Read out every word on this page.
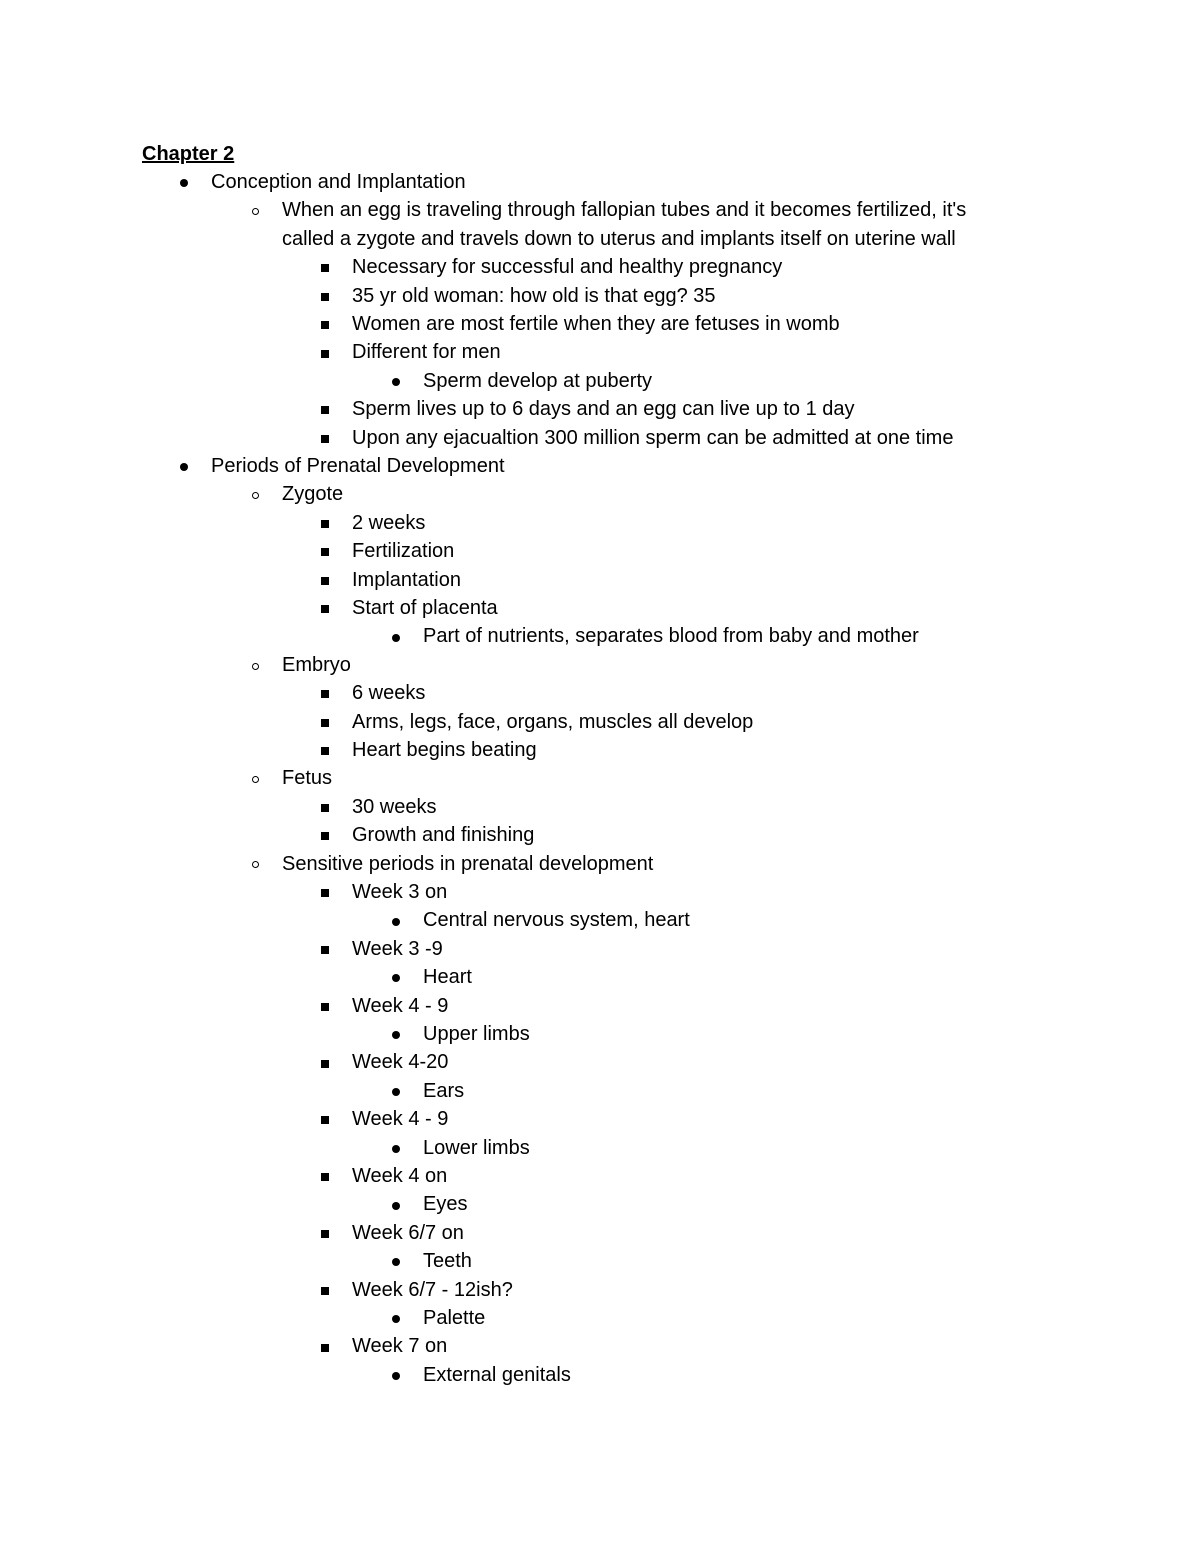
Chapter 2
Conception and Implantation
When an egg is traveling through fallopian tubes and it becomes fertilized, it's
called a zygote and travels down to uterus and implants itself on uterine wall
Necessary for successful and healthy pregnancy
35 yr old woman: how old is that egg? 35
Women are most fertile when they are fetuses in womb
Different for men
Sperm develop at puberty
Sperm lives up to 6 days and an egg can live up to 1 day
Upon any ejacualtion 300 million sperm can be admitted at one time
Periods of Prenatal Development
Zygote
2 weeks
Fertilization
Implantation
Start of placenta
Part of nutrients, separates blood from baby and mother
Embryo
6 weeks
Arms, legs, face, organs, muscles all develop
Heart begins beating
Fetus
30 weeks
Growth and finishing
Sensitive periods in prenatal development
Week 3 on
Central nervous system, heart
Week 3 -9
Heart
Week 4 - 9
Upper limbs
Week 4-20
Ears
Week 4 - 9
Lower limbs
Week 4 on
Eyes
Week 6/7 on
Teeth
Week 6/7 - 12ish?
Palette
Week 7 on
External genitals
